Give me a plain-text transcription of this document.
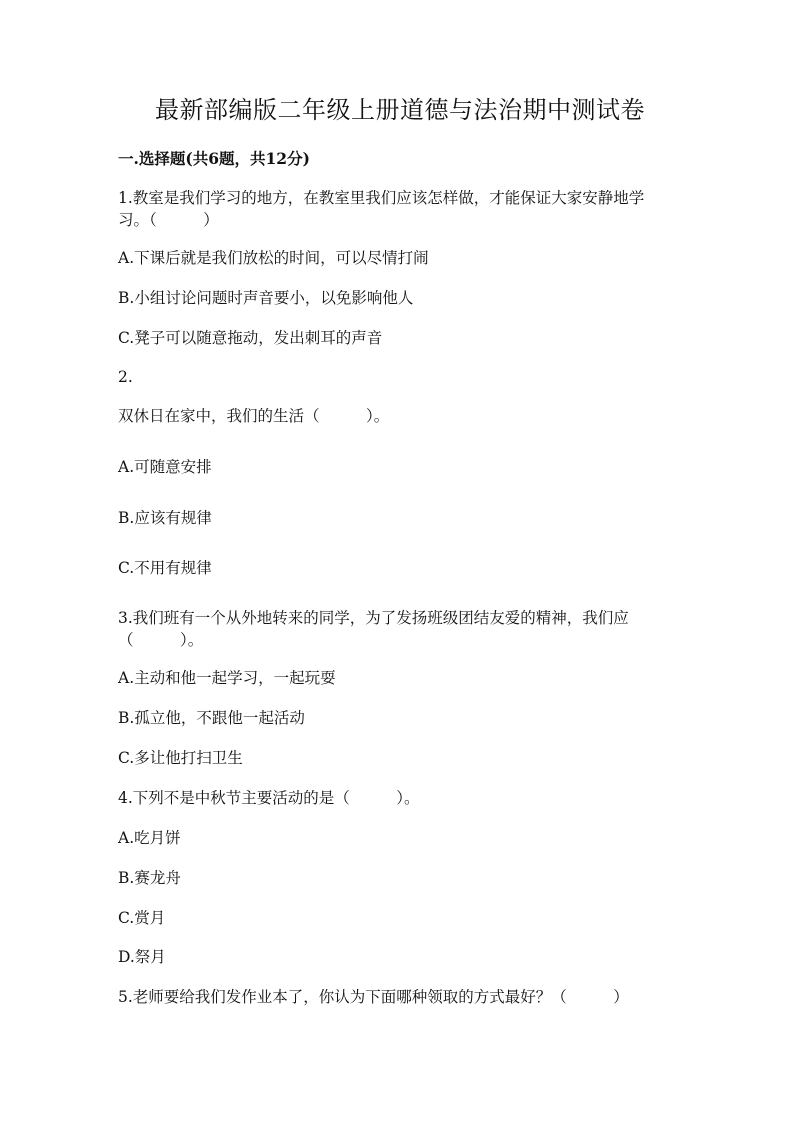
最新部编版二年级上册道德与法治期中测试卷
一.选择题(共6题，共12分)
1.教室是我们学习的地方，在教室里我们应该怎样做，才能保证大家安静地学
习。（　　　）
A.下课后就是我们放松的时间，可以尽情打闹
B.小组讨论问题时声音要小，以免影响他人
C.凳子可以随意拖动，发出刺耳的声音
2.
双休日在家中，我们的生活（　　　）。
A.可随意安排
B.应该有规律
C.不用有规律
3.我们班有一个从外地转来的同学，为了发扬班级团结友爱的精神，我们应
（　　　）。
A.主动和他一起学习，一起玩耍
B.孤立他，不跟他一起活动
C.多让他打扫卫生
4.下列不是中秋节主要活动的是（　　　）。
A.吃月饼
B.赛龙舟
C.赏月
D.祭月
5.老师要给我们发作业本了，你认为下面哪种领取的方式最好？（　　　）
